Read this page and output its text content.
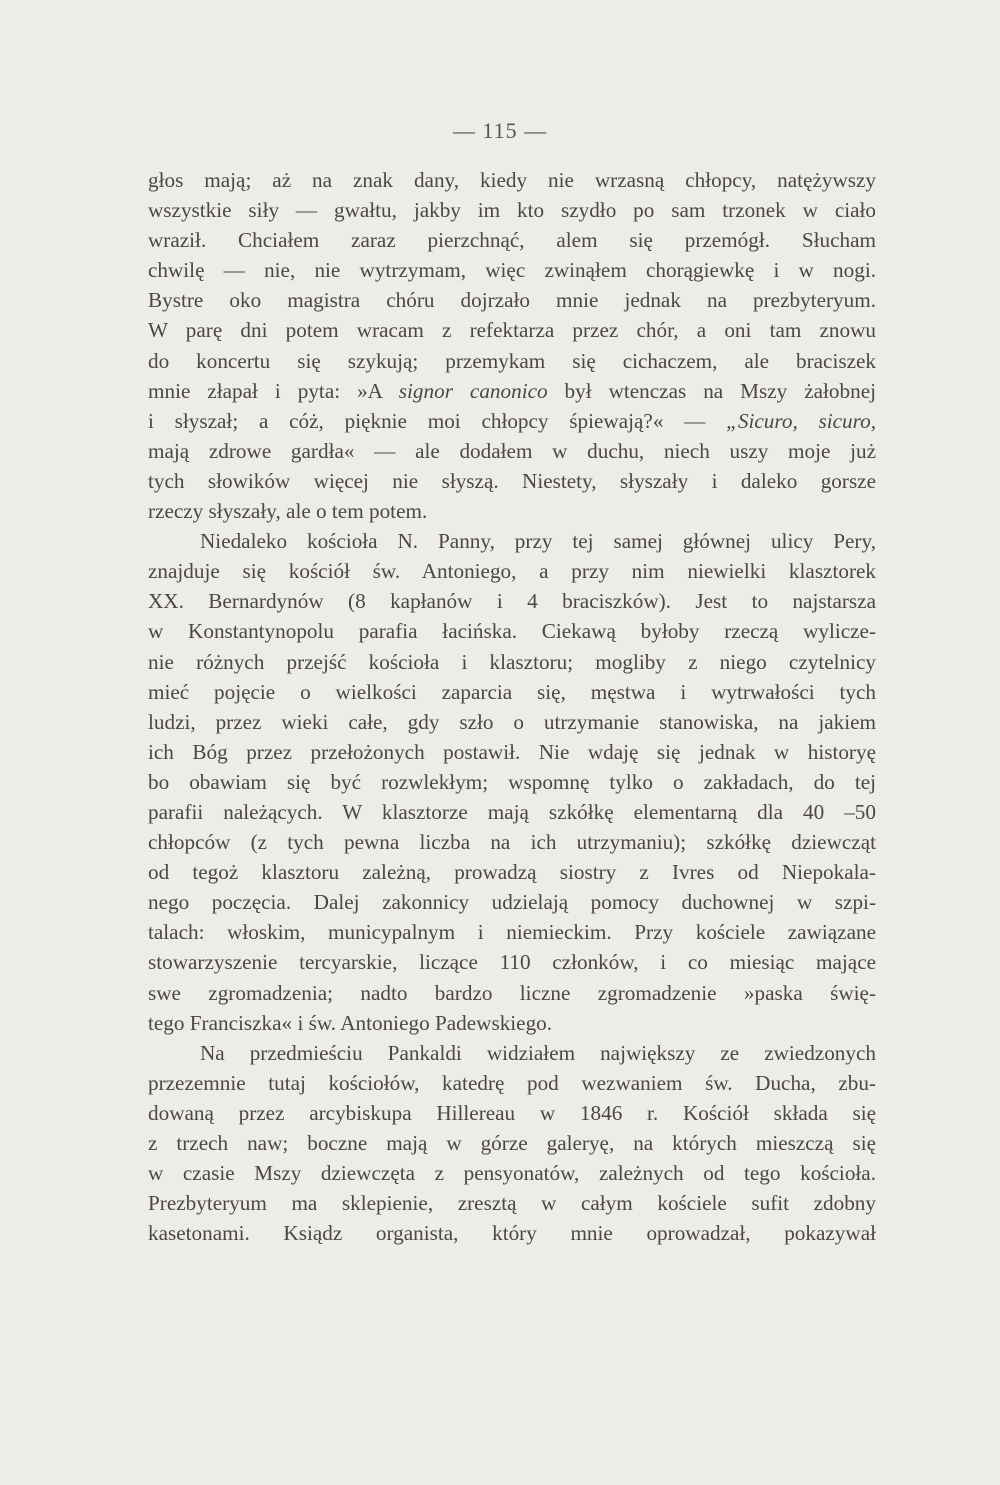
— 115 —
głos mają; aż na znak dany, kiedy nie wrzasną chłopcy, natężywszy
wszystkie siły — gwałtu, jakby im kto szydło po sam trzonek w ciało
wraził. Chciałem zaraz pierzchnąć, alem się przemógł. Słucham
chwilę — nie, nie wytrzymam, więc zwinąłem chorągiewkę i w nogi.
Bystre oko magistra chóru dojrzało mnie jednak na prezbyteryum.
W parę dni potem wracam z refektarza przez chór, a oni tam znowu
do koncertu się szykują; przemykam się cichaczem, ale braciszek
mnie złapał i pyta: »A signor canonico był wtenczas na Mszy żałobnej
i słyszał; a cóż, pięknie moi chłopcy śpiewają?« — „Sicuro, sicuro,
mają zdrowe gardła« — ale dodałem w duchu, niech uszy moje już
tych słowików więcej nie słyszą. Niestety, słyszały i daleko gorsze
rzeczy słyszały, ale o tem potem.
Niedaleko kościoła N. Panny, przy tej samej głównej ulicy Pery,
znajduje się kościół św. Antoniego, a przy nim niewielki klasztorek
XX. Bernardynów (8 kapłanów i 4 braciszków). Jest to najstarsza
w Konstantynopolu parafia łacińska. Ciekawą byłoby rzeczą wylicze-
nie różnych przejść kościoła i klasztoru; mogliby z niego czytelnicy
mieć pojęcie o wielkości zaparcia się, męstwa i wytrwałości tych
ludzi, przez wieki całe, gdy szło o utrzymanie stanowiska, na jakiem
ich Bóg przez przełożonych postawił. Nie wdaję się jednak w historyę
bo obawiam się być rozwlekłym; wspomnę tylko o zakładach, do tej
parafii należących. W klasztorze mają szkółkę elementarną dla 40 –50
chłopców (z tych pewna liczba na ich utrzymaniu); szkółkę dziewcząt
od tegoż klasztoru zależną, prowadzą siostry z Ivres od Niepokala-
nego poczęcia. Dalej zakonnicy udzielają pomocy duchownej w szpi-
talach: włoskim, municypalnym i niemieckim. Przy kościele zawiązane
stowarzyszenie tercyarskie, liczące 110 członków, i co miesiąc mające
swe zgromadzenia; nadto bardzo liczne zgromadzenie »paska świę-
tego Franciszka« i św. Antoniego Padewskiego.
Na przedmieściu Pankaldi widziałem największy ze zwiedzonych
przezemnie tutaj kościołów, katedrę pod wezwaniem św. Ducha, zbu-
dowaną przez arcybiskupa Hillereau w 1846 r. Kościół składa się
z trzech naw; boczne mają w górze galeryę, na których mieszczą się
w czasie Mszy dziewczęta z pensyonatów, zależnych od tego kościoła.
Prezbyteryum ma sklepienie, zresztą w całym kościele sufit zdobny
kasetonami. Ksiądz organista, który mnie oprowadzał, pokazywał
